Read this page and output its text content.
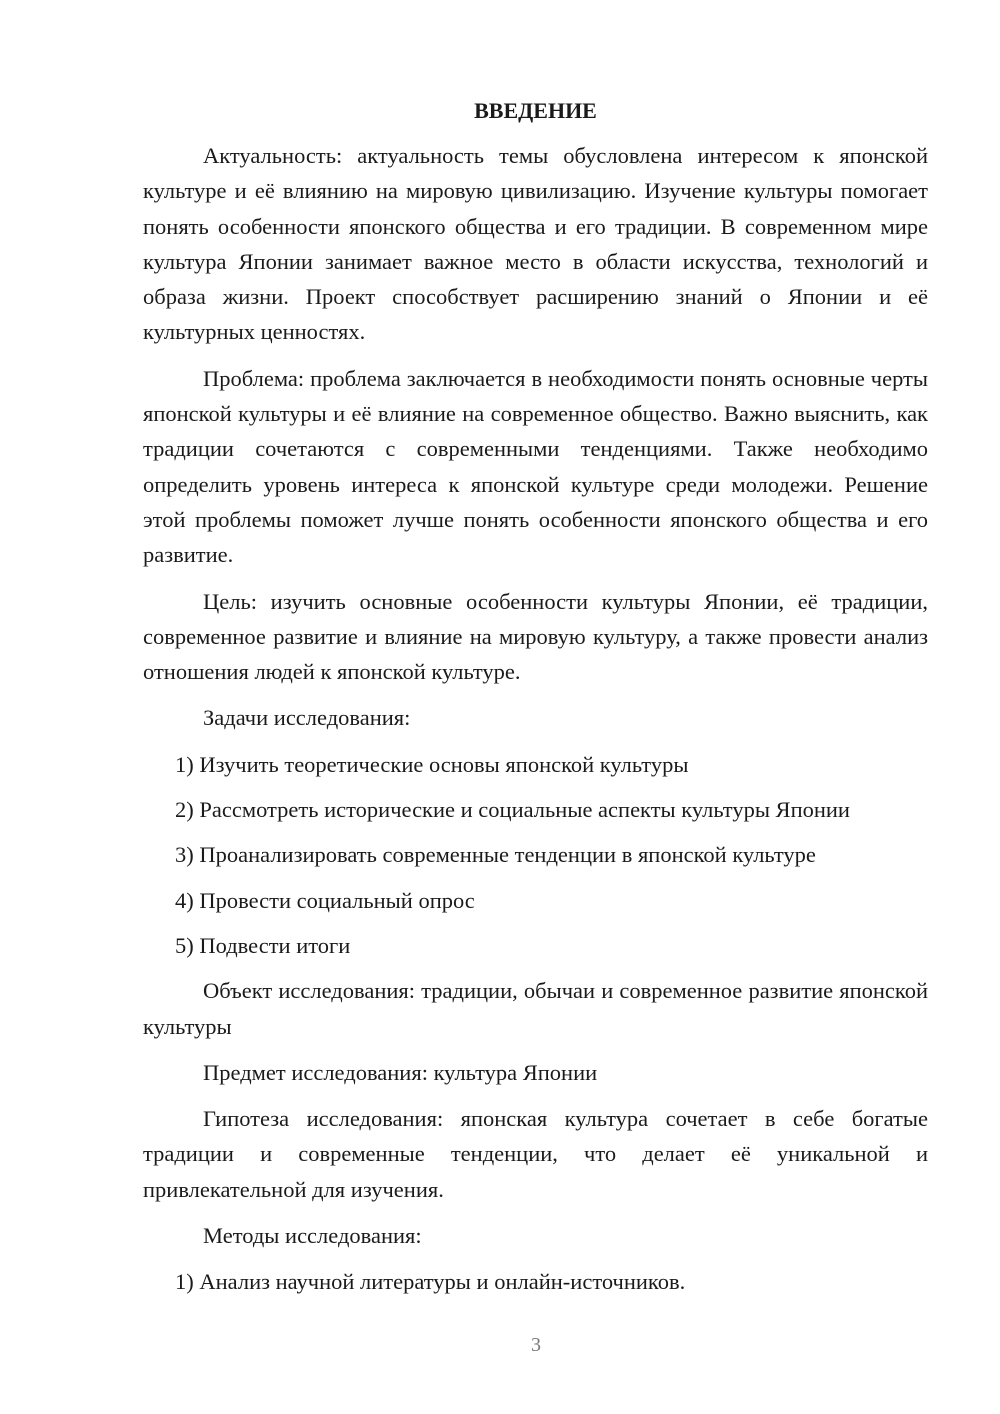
ВВЕДЕНИЕ

Актуальность: актуальность темы обусловлена интересом к японской культуре и её влиянию на мировую цивилизацию. Изучение культуры помогает понять особенности японского общества и его традиции. В современном мире культура Японии занимает важное место в области искусства, технологий и образа жизни. Проект способствует расширению знаний о Японии и её культурных ценностях.

Проблема: проблема заключается в необходимости понять основные черты японской культуры и её влияние на современное общество. Важно выяснить, как традиции сочетаются с современными тенденциями. Также необходимо определить уровень интереса к японской культуре среди молодежи. Решение этой проблемы поможет лучше понять особенности японского общества и его развитие.

Цель: изучить основные особенности культуры Японии, её традиции, современное развитие и влияние на мировую культуру, а также провести анализ отношения людей к японской культуре.

Задачи исследования:

1) Изучить теоретические основы японской культуры
2) Рассмотреть исторические и социальные аспекты культуры Японии
3) Проанализировать современные тенденции в японской культуре
4) Провести социальный опрос
5) Подвести итоги

Объект исследования: традиции, обычаи и современное развитие японской культуры

Предмет исследования: культура Японии

Гипотеза исследования: японская культура сочетает в себе богатые традиции и современные тенденции, что делает её уникальной и привлекательной для изучения.

Методы исследования:

1) Анализ научной литературы и онлайн-источников.
3
